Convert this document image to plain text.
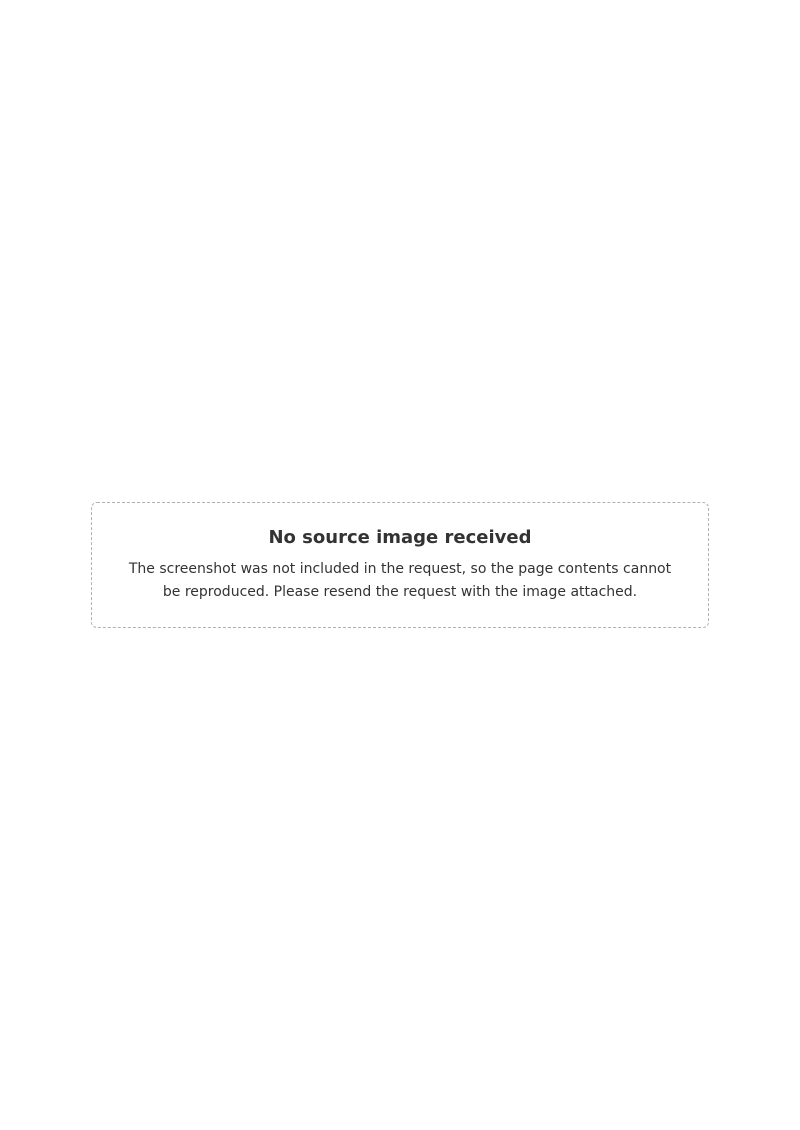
No source image received

The screenshot was not included in the request, so the page contents cannot be reproduced. Please resend the request with the image attached.
